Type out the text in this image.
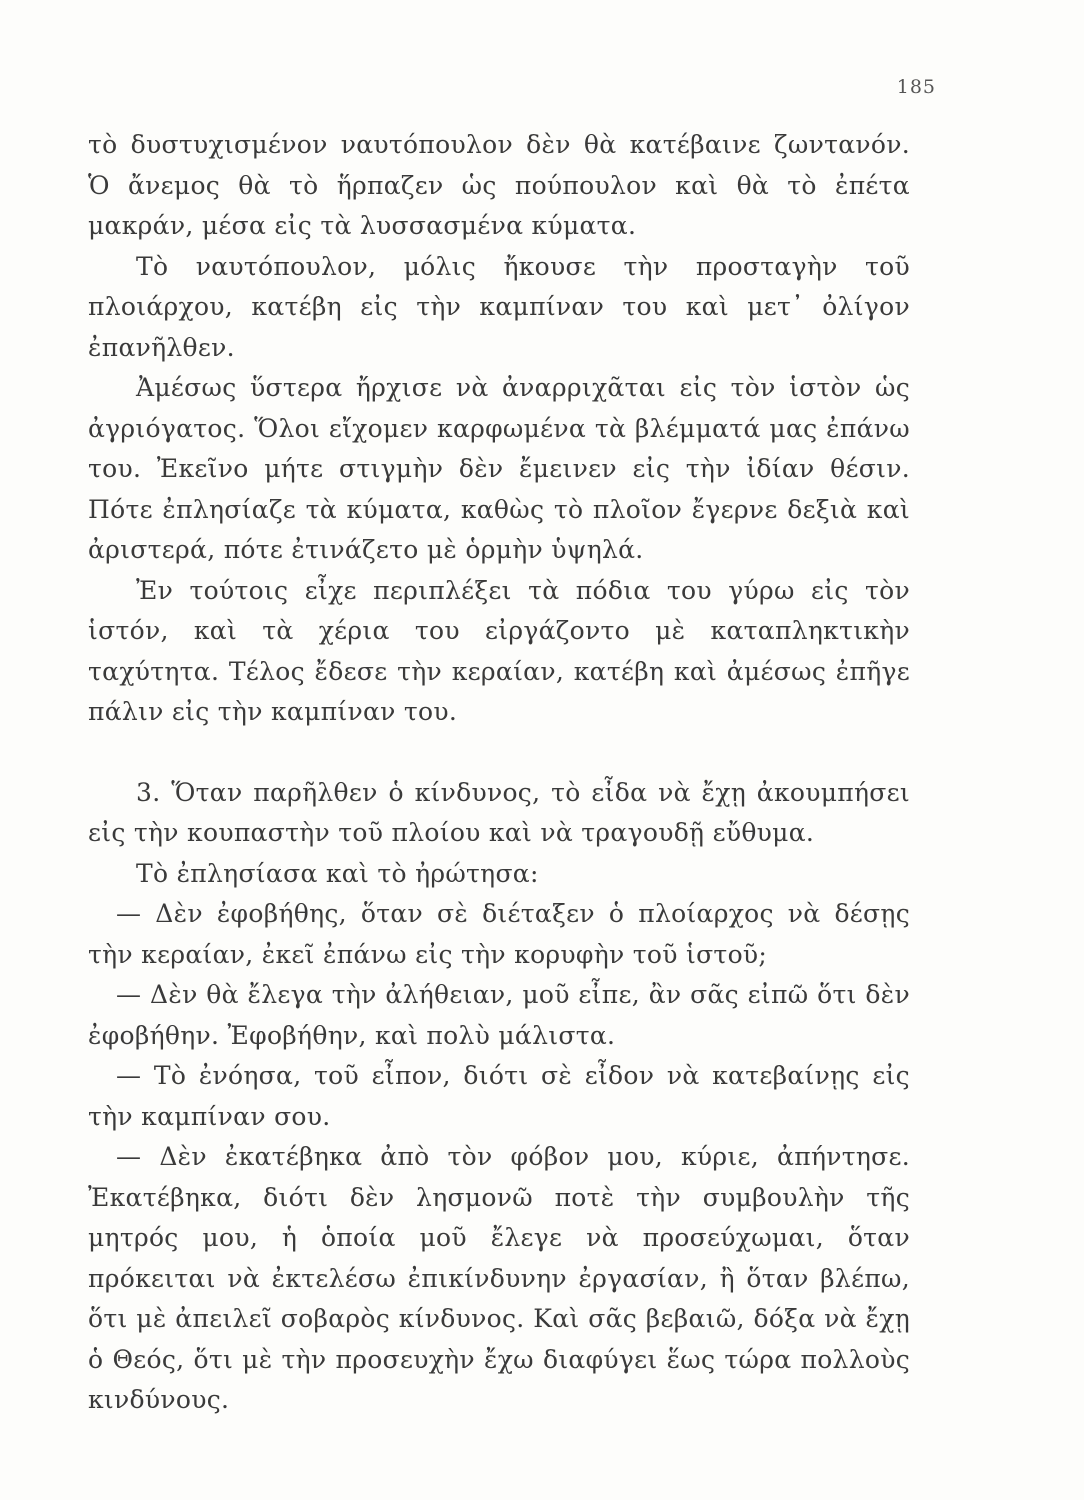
185

τὸ δυστυχισμένον ναυτόπουλον δὲν θὰ κατέβαινε ζωντανόν. Ὁ ἄνεμος θὰ τὸ ἥρπαζεν ὡς πούπουλον καὶ θὰ τὸ ἐπέτα μακράν, μέσα εἰς τὰ λυσσασμένα κύματα.

Τὸ ναυτόπουλον, μόλις ἤκουσε τὴν προσταγὴν τοῦ πλοιάρχου, κατέβη εἰς τὴν καμπίναν του καὶ μετ᾽ ὀλίγον ἐπανῆλθεν.

Ἀμέσως ὕστερα ἤρχισε νὰ ἀναρριχᾶται εἰς τὸν ἱστὸν ὡς ἀγριόγατος. Ὅλοι εἴχομεν καρφωμένα τὰ βλέμματά μας ἐπάνω του. Ἐκεῖνο μήτε στιγμὴν δὲν ἔμεινεν εἰς τὴν ἰδίαν θέσιν. Πότε ἐπλησίαζε τὰ κύματα, καθὼς τὸ πλοῖον ἔγερνε δεξιὰ καὶ ἀριστερά, πότε ἐτινάζετο μὲ ὁρμὴν ὑψηλά.

Ἐν τούτοις εἶχε περιπλέξει τὰ πόδια του γύρω εἰς τὸν ἱστόν, καὶ τὰ χέρια του εἰργάζοντο μὲ καταπληκτικὴν ταχύτητα. Τέλος ἔδεσε τὴν κεραίαν, κατέβη καὶ ἀμέσως ἐπῆγε πάλιν εἰς τὴν καμπίναν του.

3. Ὅταν παρῆλθεν ὁ κίνδυνος, τὸ εἶδα νὰ ἔχῃ ἀκουμπήσει εἰς τὴν κουπαστὴν τοῦ πλοίου καὶ νὰ τραγουδῇ εὔθυμα.

Τὸ ἐπλησίασα καὶ τὸ ἠρώτησα:

— Δὲν ἐφοβήθης, ὅταν σὲ διέταξεν ὁ πλοίαρχος νὰ δέσῃς τὴν κεραίαν, ἐκεῖ ἐπάνω εἰς τὴν κορυφὴν τοῦ ἱστοῦ;

— Δὲν θὰ ἔλεγα τὴν ἀλήθειαν, μοῦ εἶπε, ἂν σᾶς εἰπῶ ὅτι δὲν ἐφοβήθην. Ἐφοβήθην, καὶ πολὺ μάλιστα.

— Τὸ ἐνόησα, τοῦ εἶπον, διότι σὲ εἶδον νὰ κατεβαίνῃς εἰς τὴν καμπίναν σου.

— Δὲν ἐκατέβηκα ἀπὸ τὸν φόβον μου, κύριε, ἀπήντησε. Ἐκατέβηκα, διότι δὲν λησμονῶ ποτὲ τὴν συμβουλὴν τῆς μητρός μου, ἡ ὁποία μοῦ ἔλεγε νὰ προσεύχωμαι, ὅταν πρόκειται νὰ ἐκτελέσω ἐπικίνδυνην ἐργασίαν, ἢ ὅταν βλέπω, ὅτι μὲ ἀπειλεῖ σοβαρὸς κίνδυνος. Καὶ σᾶς βεβαιῶ, δόξα νὰ ἔχῃ ὁ Θεός, ὅτι μὲ τὴν προσευχὴν ἔχω διαφύγει ἕως τώρα πολλοὺς κινδύνους.
